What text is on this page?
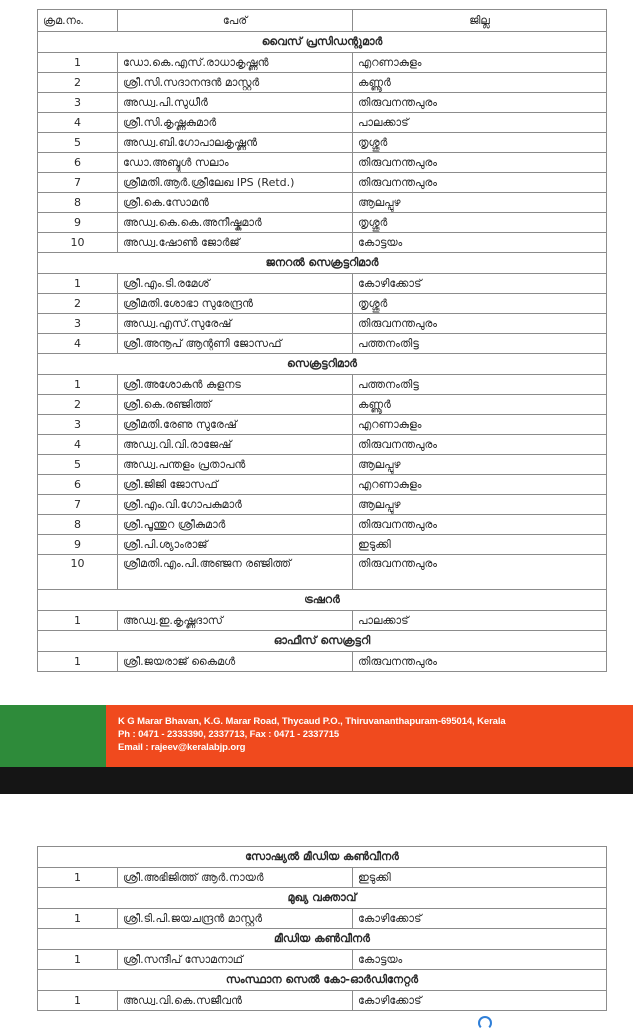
ക്രമ.നം.	പേര്	ജില്ല
വൈസ് പ്രസിഡന്റുമാർ		
1	ഡോ.കെ.എസ്.രാധാകൃഷ്ണൻ	എറണാകുളം
2	ശ്രീ.സി.സദാനന്ദൻ മാസ്റ്റർ	കണ്ണൂർ
3	അഡ്വ.പി.സുധീർ	തിരുവനന്തപുരം
4	ശ്രീ.സി.കൃഷ്ണകുമാർ	പാലക്കാട്
5	അഡ്വ.ബി.ഗോപാലകൃഷ്ണൻ	തൃശ്ശൂർ
6	ഡോ.അബ്ദുൾ സലാം	തിരുവനന്തപുരം
7	ശ്രീമതി.ആർ.ശ്രീലേഖ IPS (Retd.)	തിരുവനന്തപുരം
8	ശ്രീ.കെ.സോമൻ	ആലപ്പുഴ
9	അഡ്വ.കെ.കെ.അനീഷ്കുമാർ	തൃശ്ശൂർ
10	അഡ്വ.ഷോൺ ജോർജ്	കോട്ടയം
ജനറൽ സെക്രട്ടറിമാർ		
1	ശ്രീ.എം.ടി.രമേശ്	കോഴിക്കോട്
2	ശ്രീമതി.ശോഭാ സുരേന്ദ്രൻ	തൃശ്ശൂർ
3	അഡ്വ.എസ്.സുരേഷ്	തിരുവനന്തപുരം
4	ശ്രീ.അനൂപ് ആന്റണി ജോസഫ്	പത്തനംതിട്ട
സെക്രട്ടറിമാർ		
1	ശ്രീ.അശോകൻ കുളനട	പത്തനംതിട്ട
2	ശ്രീ.കെ.രഞ്ജിത്ത്	കണ്ണൂർ
3	ശ്രീമതി.രേണു സുരേഷ്	എറണാകുളം
4	അഡ്വ.വി.വി.രാജേഷ്	തിരുവനന്തപുരം
5	അഡ്വ.പന്തളം പ്രതാപൻ	ആലപ്പുഴ
6	ശ്രീ.ജിജി ജോസഫ്	എറണാകുളം
7	ശ്രീ.എം.വി.ഗോപകുമാർ	ആലപ്പുഴ
8	ശ്രീ.പൂന്തുറ ശ്രീകുമാർ	തിരുവനന്തപുരം
9	ശ്രീ.പി.ശ്യാംരാജ്	ഇടുക്കി
10	ശ്രീമതി.എം.പി.അഞ്ജന രഞ്ജിത്ത്	തിരുവനന്തപുരം
ട്രഷറർ		
1	അഡ്വ.ഇ.കൃഷ്ണദാസ്	പാലക്കാട്
ഓഫീസ് സെക്രട്ടറി		
1	ശ്രീ.ജയരാജ് കൈമൾ	തിരുവനന്തപുരം
K G Marar Bhavan, K.G. Marar Road, Thycaud P.O., Thiruvananthapuram-695014, Kerala
Ph : 0471 - 2333390, 2337713, Fax : 0471 - 2337715
Email : rajeev@keralabjp.org
സോഷ്യൽ മീഡിയ കൺവീനർ		
1	ശ്രീ.അഭിജിത്ത് ആർ.നായർ	ഇടുക്കി
മുഖ്യ വക്താവ്		
1	ശ്രീ.ടി.പി.ജയചന്ദ്രൻ മാസ്റ്റർ	കോഴിക്കോട്
മീഡിയ കൺവീനർ		
1	ശ്രീ.സന്ദീപ് സോമനാഥ്	കോട്ടയം
സംസ്ഥാന സെൽ കോ-ഓർഡിനേറ്റർ		
1	അഡ്വ.വി.കെ.സജീവൻ	കോഴിക്കോട്
